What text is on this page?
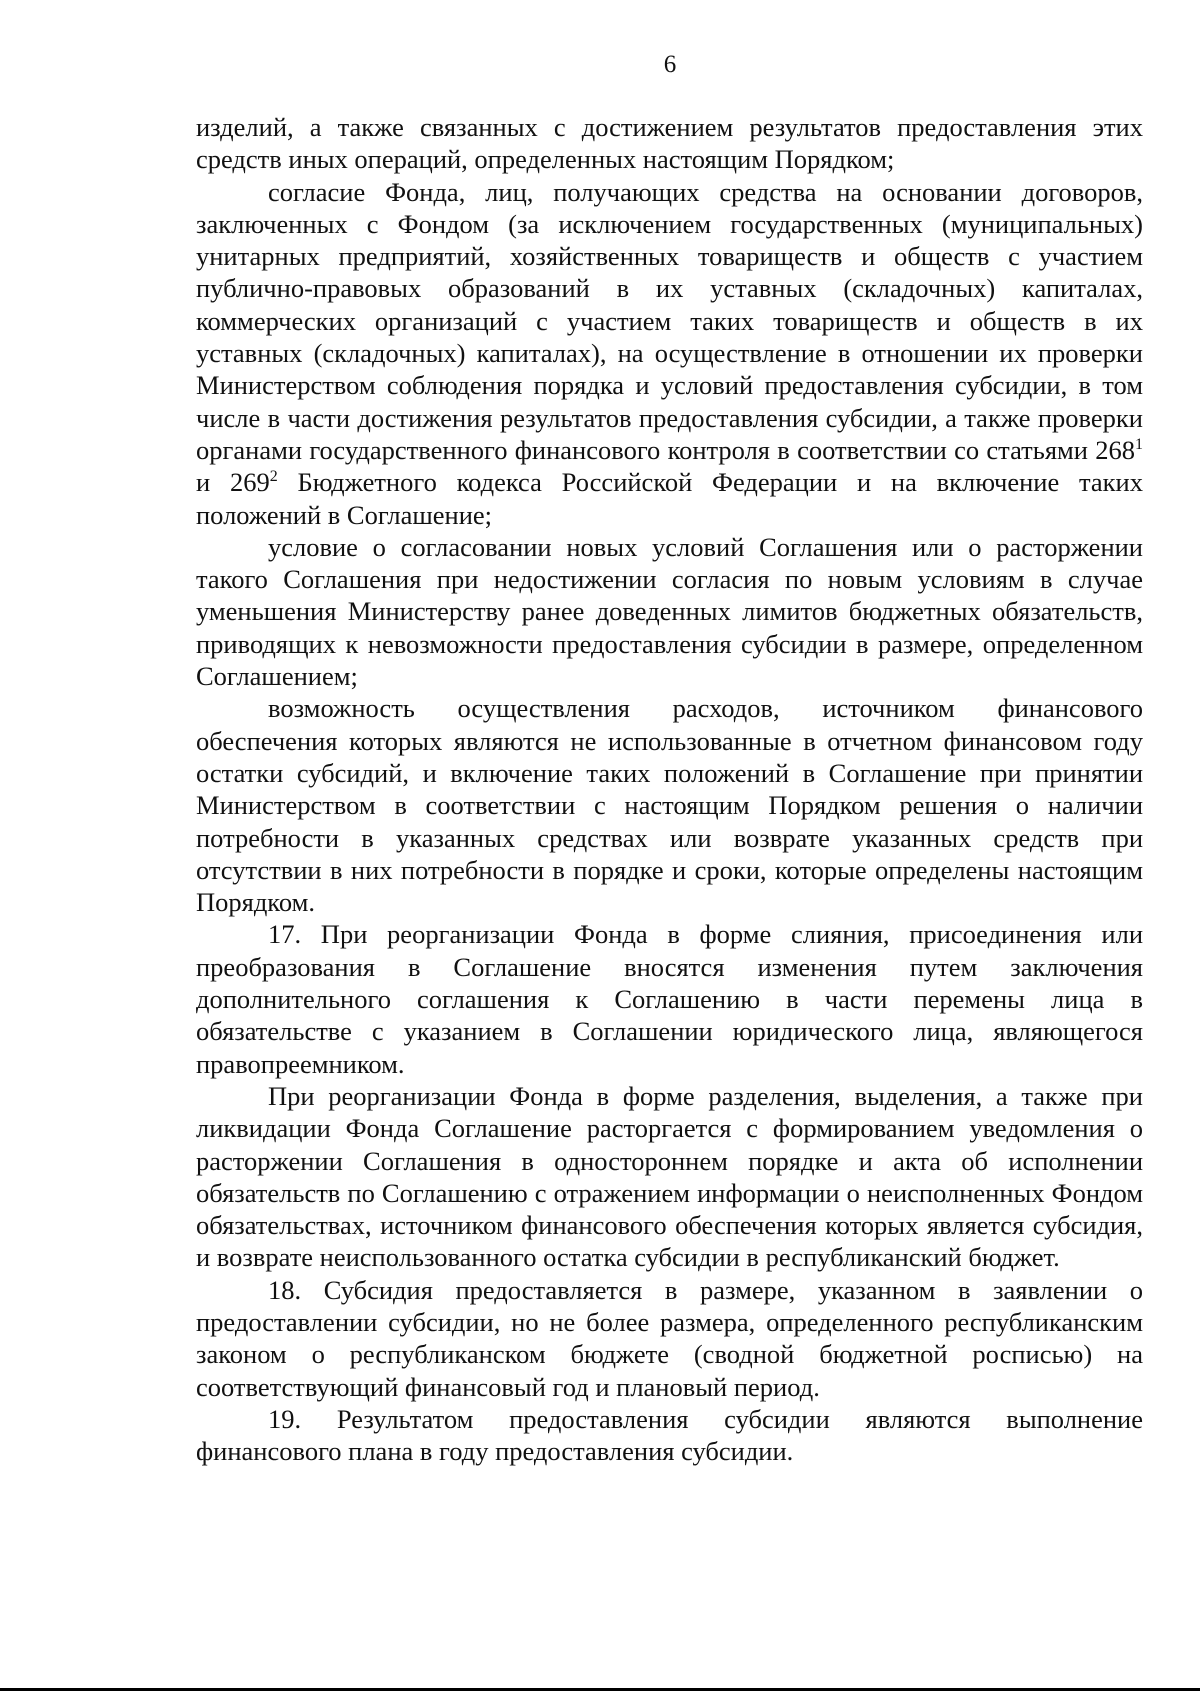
6

изделий, а также связанных с достижением результатов предоставления этих средств иных операций, определенных настоящим Порядком;

согласие Фонда, лиц, получающих средства на основании договоров, заключенных с Фондом (за исключением государственных (муниципальных) унитарных предприятий, хозяйственных товариществ и обществ с участием публично-правовых образований в их уставных (складочных) капиталах, коммерческих организаций с участием таких товариществ и обществ в их уставных (складочных) капиталах), на осуществление в отношении их проверки Министерством соблюдения порядка и условий предоставления субсидии, в том числе в части достижения результатов предоставления субсидии, а также проверки органами государственного финансового контроля в соответствии со статьями $268^1$ и $269^2$ Бюджетного кодекса Российской Федерации и на включение таких положений в Соглашение;

условие о согласовании новых условий Соглашения или о расторжении такого Соглашения при недостижении согласия по новым условиям в случае уменьшения Министерству ранее доведенных лимитов бюджетных обязательств, приводящих к невозможности предоставления субсидии в размере, определенном Соглашением;

возможность осуществления расходов, источником финансового обеспечения которых являются не использованные в отчетном финансовом году остатки субсидий, и включение таких положений в Соглашение при принятии Министерством в соответствии с настоящим Порядком решения о наличии потребности в указанных средствах или возврате указанных средств при отсутствии в них потребности в порядке и сроки, которые определены настоящим Порядком.

17. При реорганизации Фонда в форме слияния, присоединения или преобразования в Соглашение вносятся изменения путем заключения дополнительного соглашения к Соглашению в части перемены лица в обязательстве с указанием в Соглашении юридического лица, являющегося правопреемником.

При реорганизации Фонда в форме разделения, выделения, а также при ликвидации Фонда Соглашение расторгается с формированием уведомления о расторжении Соглашения в одностороннем порядке и акта об исполнении обязательств по Соглашению с отражением информации о неисполненных Фондом обязательствах, источником финансового обеспечения которых является субсидия, и возврате неиспользованного остатка субсидии в республиканский бюджет.

18. Субсидия предоставляется в размере, указанном в заявлении о предоставлении субсидии, но не более размера, определенного республиканским законом о республиканском бюджете (сводной бюджетной росписью) на соответствующий финансовый год и плановый период.

19. Результатом предоставления субсидии являются выполнение финансового плана в году предоставления субсидии.
